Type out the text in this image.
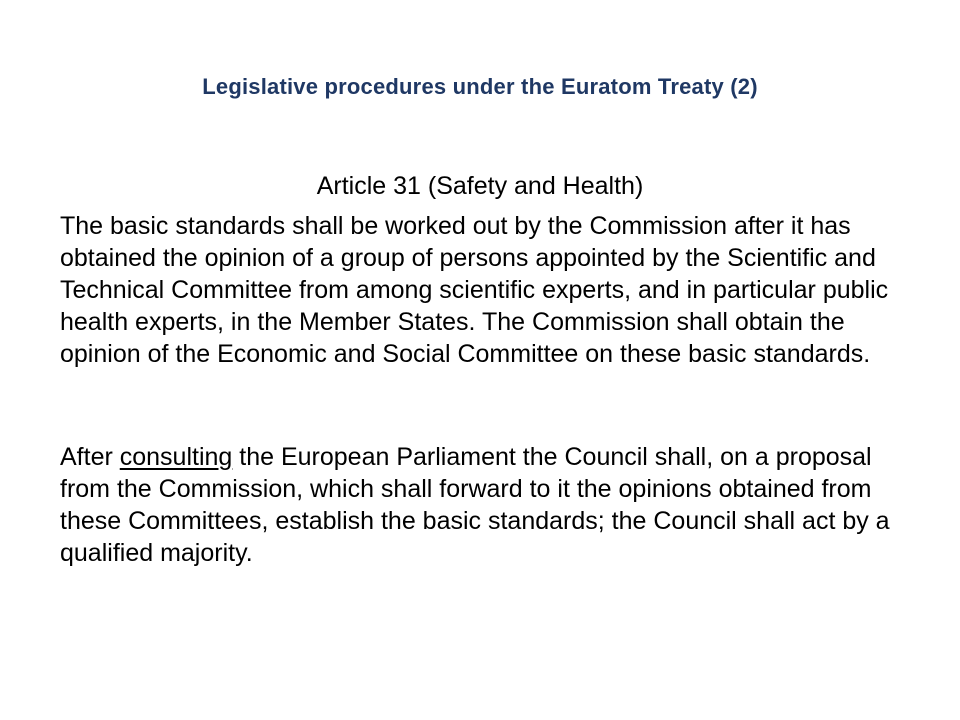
Legislative procedures under the Euratom Treaty (2)
Article 31 (Safety and Health)
The basic standards shall be worked out by the Commission after it has obtained the opinion of a group of persons appointed by the Scientific and Technical Committee from among scientific experts, and in particular public health experts, in the Member States. The Commission shall obtain the opinion of the Economic and Social Committee on these basic standards.
After consulting the European Parliament the Council shall, on a proposal from the Commission, which shall forward to it the opinions obtained from these Committees, establish the basic standards; the Council shall act by a qualified majority.
